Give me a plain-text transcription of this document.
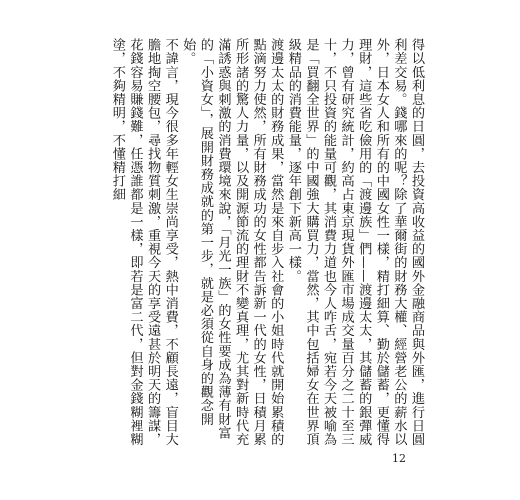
得以低利息的日圓，去投資高收益的國外金融商品與外匯，進行日圓利差交易。錢哪來的呢？除了華爾街的財務大權、經營老公的薪水以外，日本女人和所有的中國女性一樣，精打細算、勤於儲蓄，更懂得理財，這些省吃儉用的「渡邊族」們——渡邊太太，其儲蓄的銀彈威力，曾有研究統計，約高占東京現貨外匯市場成交量百分之二十至三十，不只投資的能量可觀，其消費力道也今人咋舌，宛若今天被喻為是「買翻全世界」的中國強大購買力，當然，其中包括婦女在世界頂級精品的消費能量，逐年創下新高一樣。

渡邊太太的財務成果，當然是來自步入社會的小姐時代就開始累積的點滴努力使然，所有財務成功的女性都告訴新一代的女性，日積月累所形諸的驚人力量，以及開源節流的理財不變真理，尤其對新時代充滿誘惑與刺激的消費環境來說，「月光一族」的女性要成為薄有財富的「小資女」，展開財務成就的第一步，就是必須從自身的觀念開始。

不諱言，現今很多年輕女生崇尚享受，熱中消費，不顧長遠，盲目大膽地掏空腰包，尋找物質刺激，重視今天的享受遠甚於明天的籌謀，花錢容易賺錢難，任憑誰都是一樣，即若是富二代，但對金錢糊裡糊塗，不夠精明，不懂精打細

12
